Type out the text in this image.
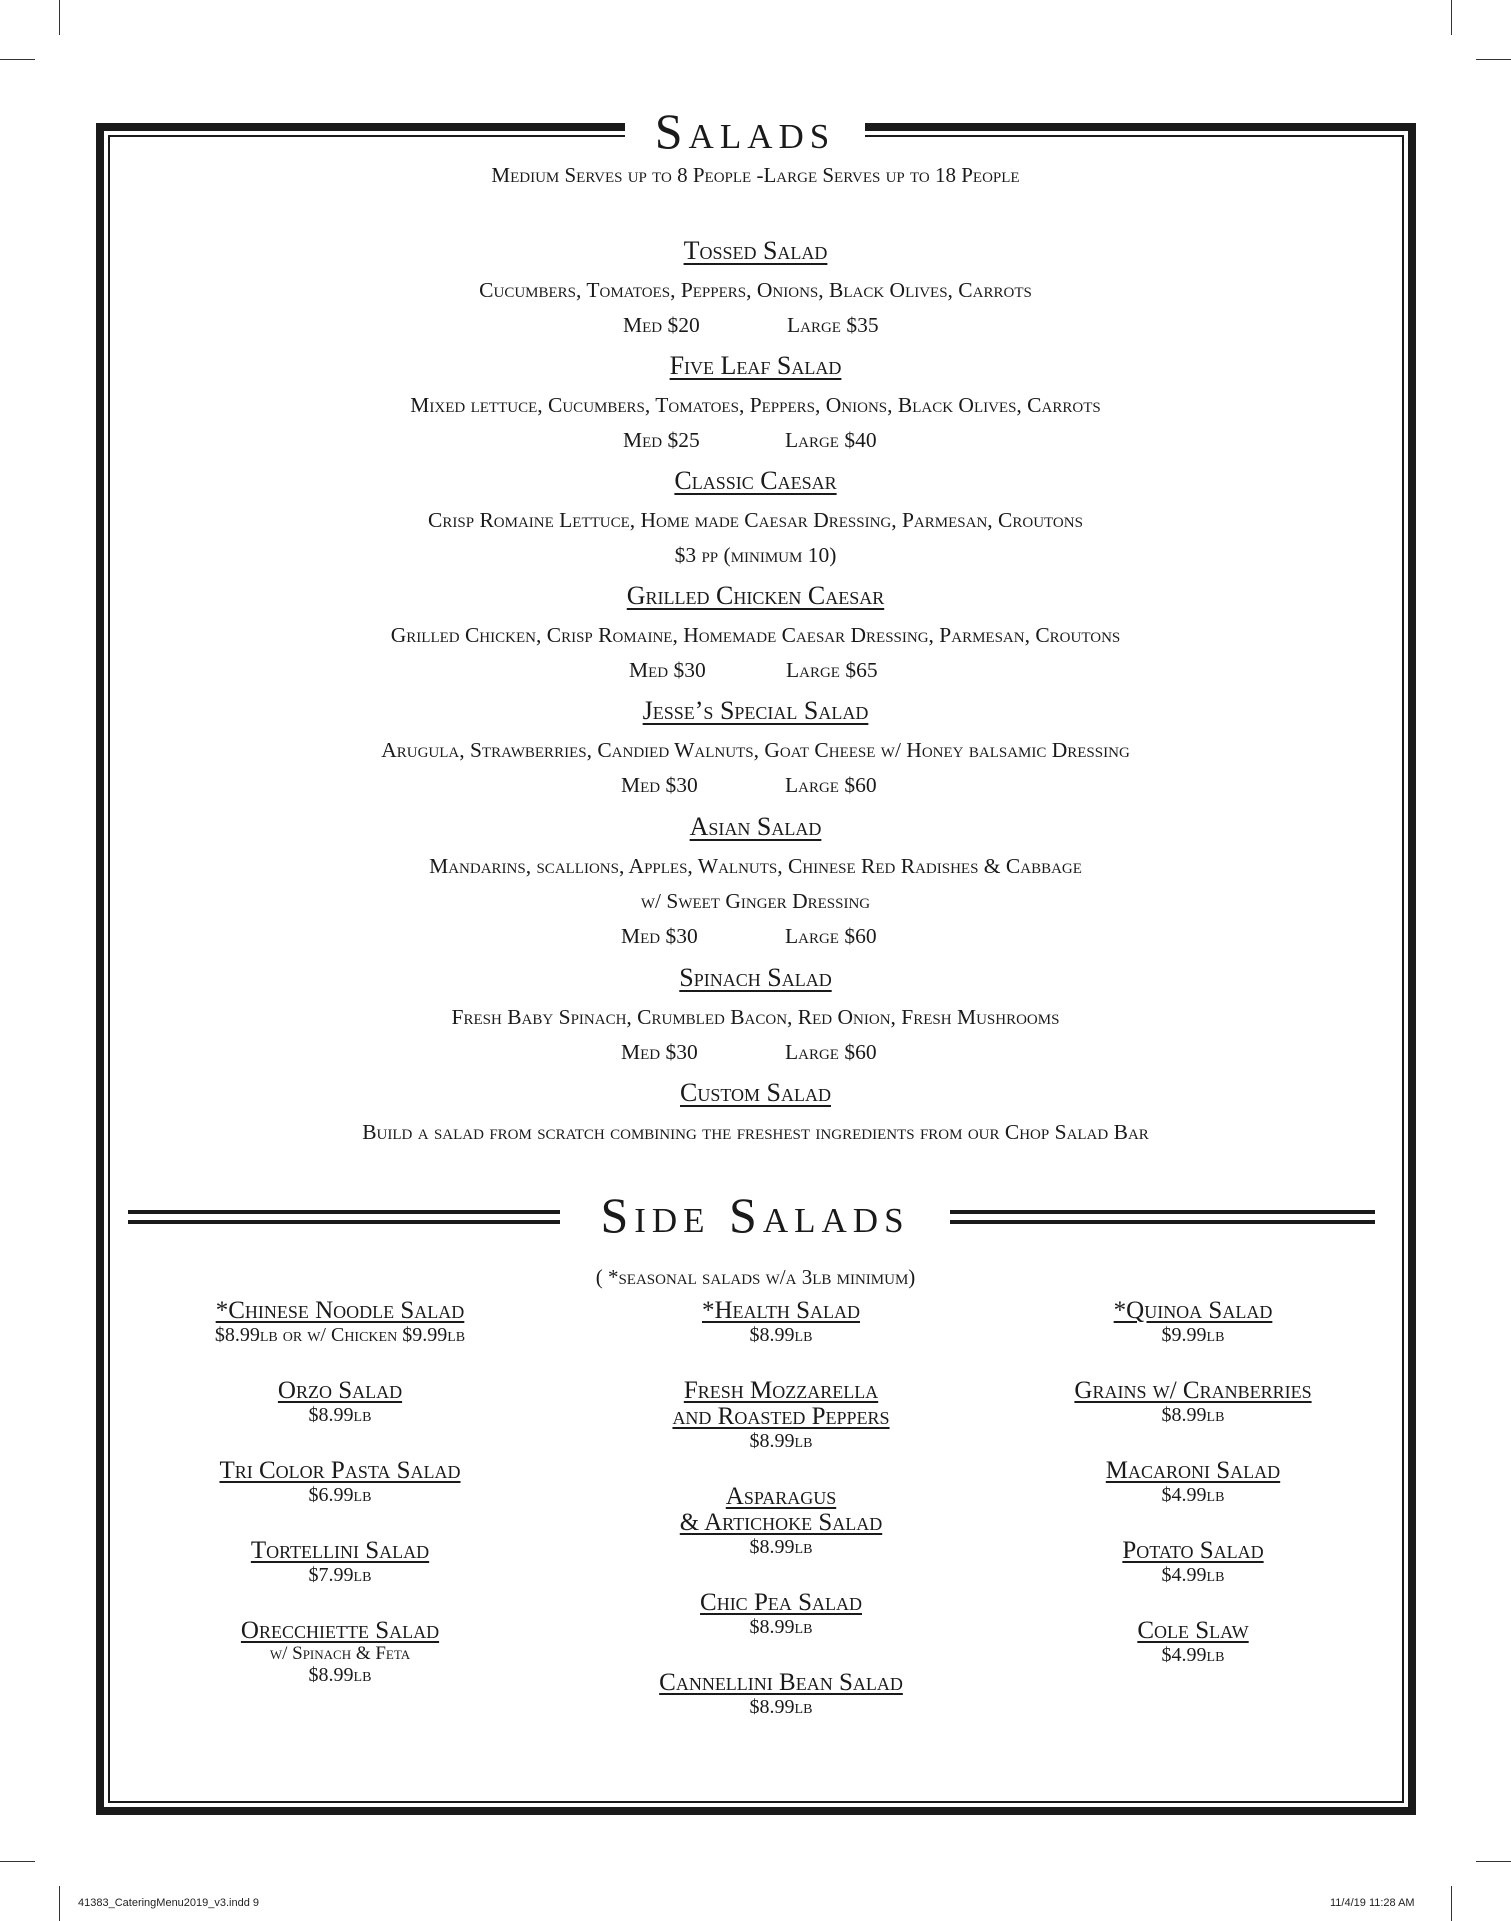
Salads
Medium Serves up to 8 People -Large Serves up to 18 People
Tossed Salad
Cucumbers, Tomatoes, Peppers, Onions, Black Olives, Carrots
Med $20	Large $35
Five Leaf Salad
Mixed lettuce, Cucumbers, Tomatoes, Peppers, Onions, Black Olives, Carrots
Med $25	Large $40
Classic Caesar
Crisp Romaine Lettuce, Home made Caesar Dressing, Parmesan, Croutons
$3 pp (minimum 10)
Grilled Chicken Caesar
Grilled Chicken, Crisp Romaine, Homemade Caesar Dressing, Parmesan, Croutons
Med $30	Large $65
Jesse’s Special Salad
Arugula, Strawberries, Candied Walnuts, Goat Cheese w/ Honey balsamic Dressing
Med $30	Large $60
Asian Salad
Mandarins, scallions, Apples, Walnuts, Chinese Red Radishes & Cabbage
w/ Sweet Ginger Dressing
Med $30	Large $60
Spinach Salad
Fresh Baby Spinach, Crumbled Bacon, Red Onion, Fresh Mushrooms
Med $30	Large $60
Custom Salad
Build a salad from scratch combining the freshest ingredients from our Chop Salad Bar
Side Salads
( *seasonal salads w/a 3lb minimum)
*Chinese Noodle Salad
$8.99lb or w/ Chicken $9.99lb
Orzo Salad
$8.99lb
Tri Color Pasta Salad
$6.99lb
Tortellini Salad
$7.99lb
Orecchiette Salad
w/ Spinach & Feta
$8.99lb
*Health Salad
$8.99lb
Fresh Mozzarella
and Roasted Peppers
$8.99lb
Asparagus
& Artichoke Salad
$8.99lb
Chic Pea Salad
$8.99lb
Cannellini Bean Salad
$8.99lb
*Quinoa Salad
$9.99lb
Grains w/ Cranberries
$8.99lb
Macaroni Salad
$4.99lb
Potato Salad
$4.99lb
Cole Slaw
$4.99lb
41383_CateringMenu2019_v3.indd 9	11/4/19 11:28 AM
